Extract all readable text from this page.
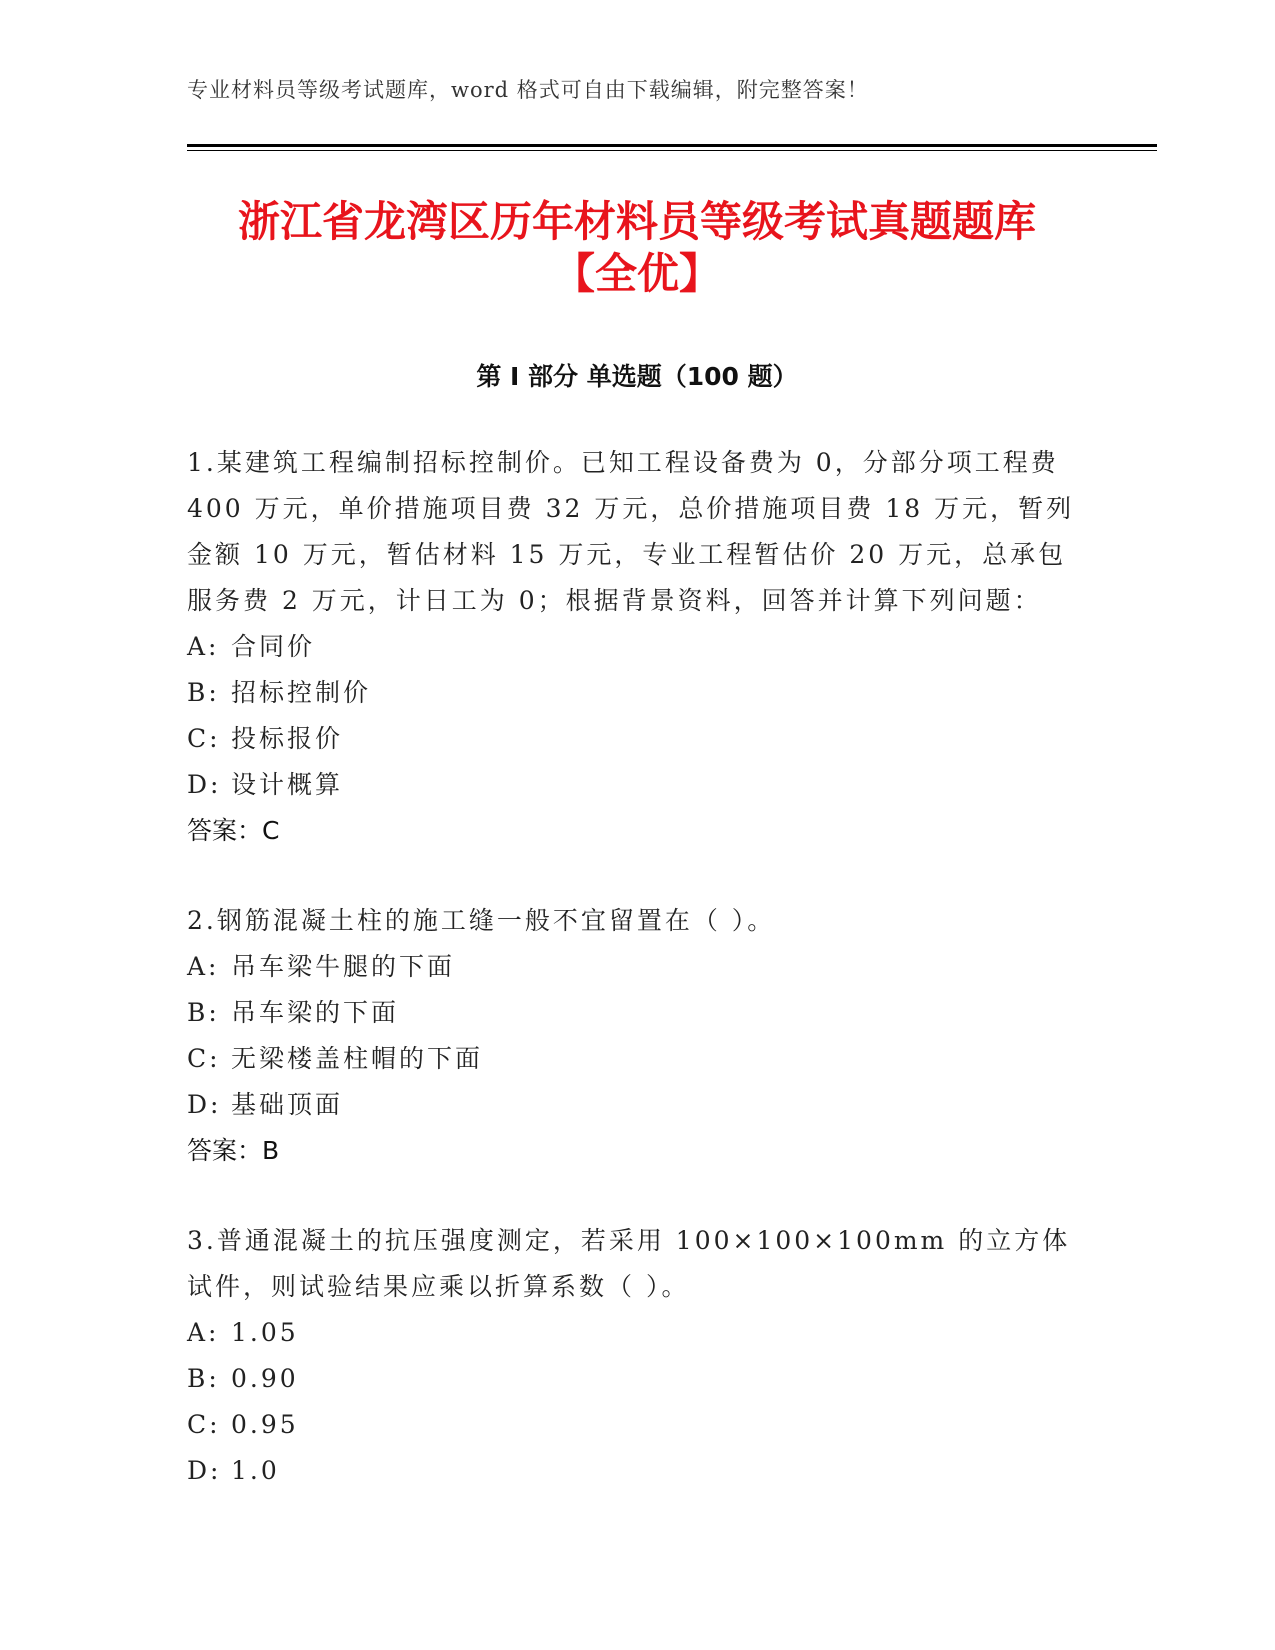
专业材料员等级考试题库，word 格式可自由下载编辑，附完整答案！
浙江省龙湾区历年材料员等级考试真题题库
【全优】
第 I 部分 单选题（100 题）

1.某建筑工程编制招标控制价。已知工程设备费为 0，分部分项工程费 400 万元，单价措施项目费 32 万元，总价措施项目费 18 万元，暂列金额 10 万元，暂估材料 15 万元，专业工程暂估价 20 万元，总承包服务费 2 万元，计日工为 0；根据背景资料，回答并计算下列问题：

A: 合同价

B: 招标控制价

C: 投标报价

D: 设计概算

答案：C

2.钢筋混凝土柱的施工缝一般不宜留置在（ ）。

A: 吊车梁牛腿的下面

B: 吊车梁的下面

C: 无梁楼盖柱帽的下面

D: 基础顶面

答案：B

3.普通混凝土的抗压强度测定，若采用 100×100×100mm 的立方体试件，则试验结果应乘以折算系数（ ）。

A: 1.05

B: 0.90

C: 0.95

D: 1.0
